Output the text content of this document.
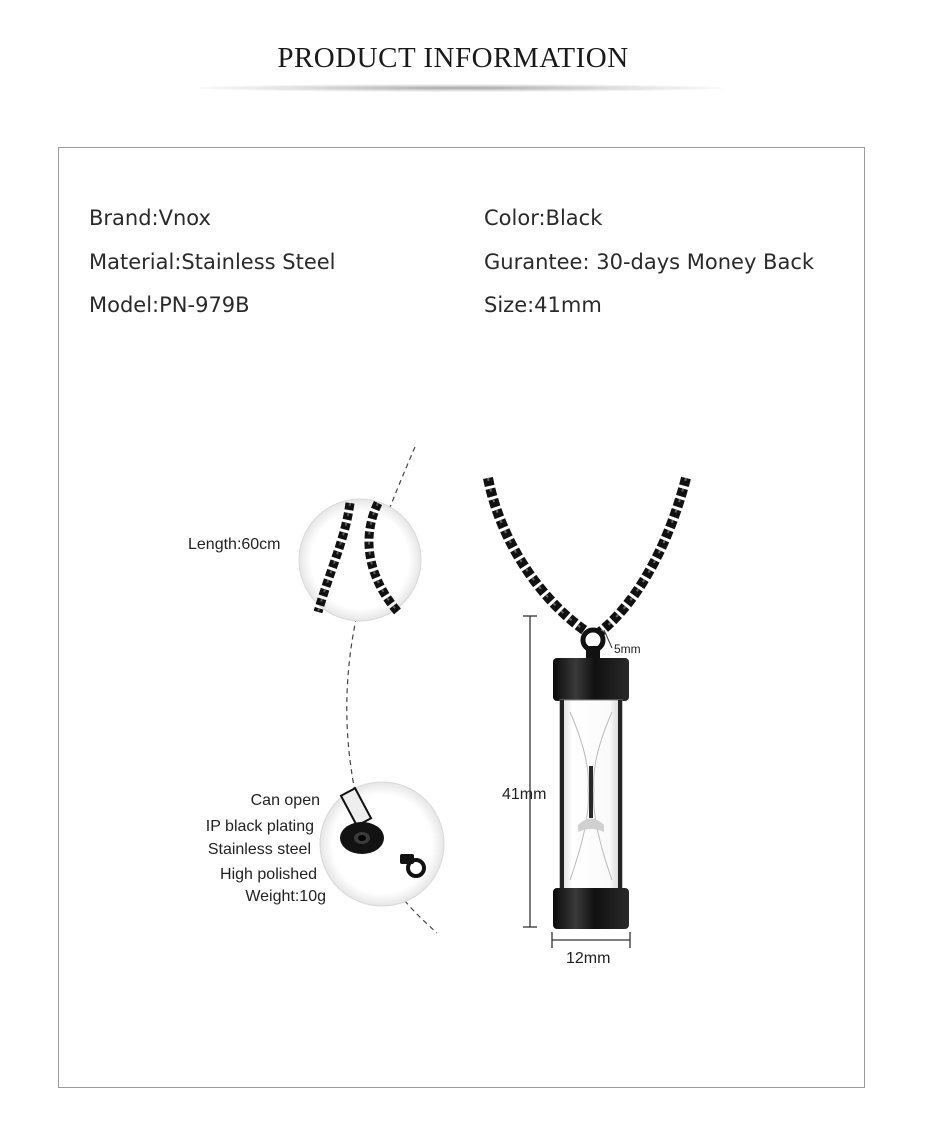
PRODUCT INFORMATION
Brand:Vnox
Material:Stainless Steel
Model:PN-979B
Color:Black
Gurantee: 30-days Money Back
Size:41mm
Length:60cm
Can open
IP black plating
Stainless steel
High polished
Weight:10g
5mm
41mm
12mm
